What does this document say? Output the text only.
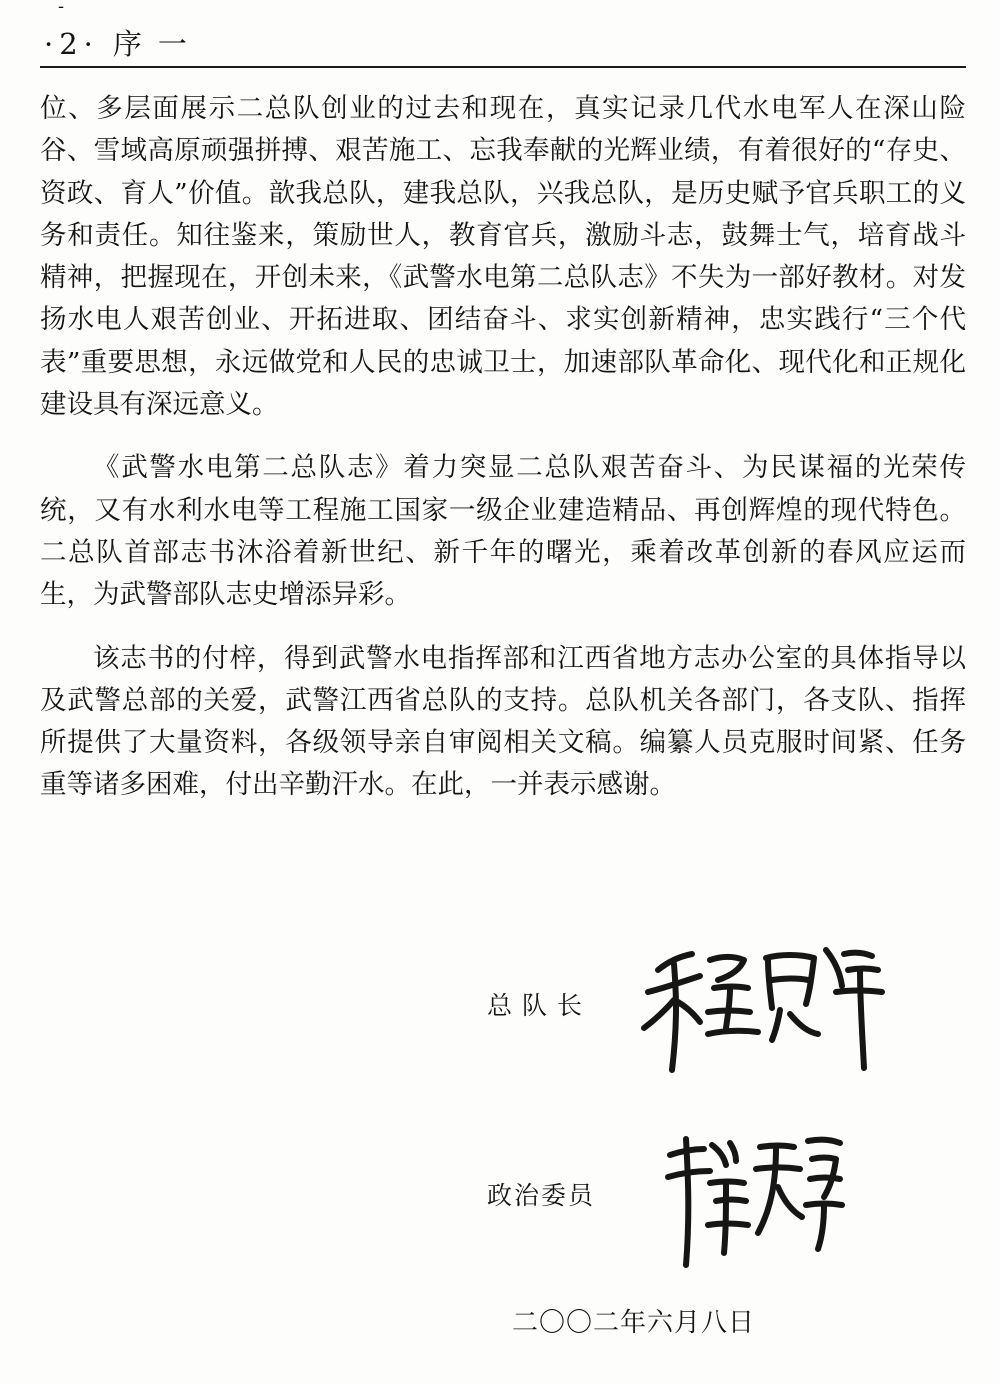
-
· 2 · 序一

位、多层面展示二总队创业的过去和现在，真实记录几代水电军人在深山险谷、雪域高原顽强拼搏、艰苦施工、忘我奉献的光辉业绩，有着很好的“存史、资政、育人”价值。歆我总队，建我总队，兴我总队，是历史赋予官兵职工的义务和责任。知往鉴来，策励世人，教育官兵，激励斗志，鼓舞士气，培育战斗精神，把握现在，开创未来，《武警水电第二总队志》不失为一部好教材。对发扬水电人艰苦创业、开拓进取、团结奋斗、求实创新精神，忠实践行“三个代表”重要思想，永远做党和人民的忠诚卫士，加速部队革命化、现代化和正规化建设具有深远意义。

《武警水电第二总队志》着力突显二总队艰苦奋斗、为民谋福的光荣传统，又有水利水电等工程施工国家一级企业建造精品、再创辉煌的现代特色。二总队首部志书沐浴着新世纪、新千年的曙光，乘着改革创新的春风应运而生，为武警部队志史增添异彩。

该志书的付梓，得到武警水电指挥部和江西省地方志办公室的具体指导以及武警总部的关爱，武警江西省总队的支持。总队机关各部门，各支队、指挥所提供了大量资料，各级领导亲自审阅相关文稿。编纂人员克服时间紧、任务重等诸多困难，付出辛勤汗水。在此，一并表示感谢。

总队长
政治委员
二〇〇二年六月八日
